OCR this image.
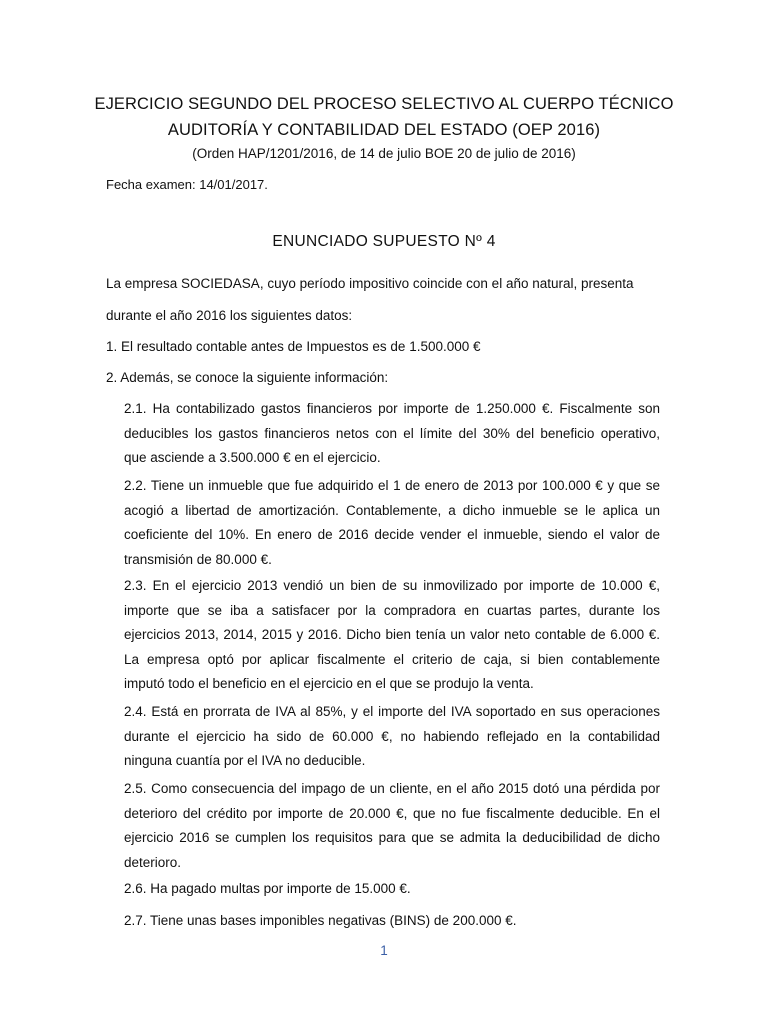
EJERCICIO SEGUNDO DEL PROCESO SELECTIVO AL CUERPO TÉCNICO
AUDITORÍA Y CONTABILIDAD DEL ESTADO (OEP 2016)
(Orden HAP/1201/2016, de 14 de julio BOE 20 de julio de 2016)
Fecha examen: 14/01/2017.
ENUNCIADO SUPUESTO Nº 4
La empresa SOCIEDASA, cuyo período impositivo coincide con el año natural, presenta
durante el año 2016 los siguientes datos:
1. El resultado contable antes de Impuestos es de 1.500.000 €
2. Además, se conoce la siguiente información:
2.1. Ha contabilizado gastos financieros por importe de 1.250.000 €. Fiscalmente son
deducibles los gastos financieros netos con el límite del 30% del beneficio operativo,
que asciende a 3.500.000 € en el ejercicio.
2.2. Tiene un inmueble que fue adquirido el 1 de enero de 2013 por 100.000 € y que se
acogió a libertad de amortización. Contablemente, a dicho inmueble se le aplica un
coeficiente del 10%. En enero de 2016 decide vender el inmueble, siendo el valor de
transmisión de 80.000 €.
2.3. En el ejercicio 2013 vendió un bien de su inmovilizado por importe de 10.000 €,
importe que se iba a satisfacer por la compradora en cuartas partes, durante los
ejercicios 2013, 2014, 2015 y 2016. Dicho bien tenía un valor neto contable de 6.000 €.
La empresa optó por aplicar fiscalmente el criterio de caja, si bien contablemente
imputó todo el beneficio en el ejercicio en el que se produjo la venta.
2.4. Está en prorrata de IVA al 85%, y el importe del IVA soportado en sus operaciones
durante el ejercicio ha sido de 60.000 €, no habiendo reflejado en la contabilidad
ninguna cuantía por el IVA no deducible.
2.5. Como consecuencia del impago de un cliente, en el año 2015 dotó una pérdida por
deterioro del crédito por importe de 20.000 €, que no fue fiscalmente deducible. En el
ejercicio 2016 se cumplen los requisitos para que se admita la deducibilidad de dicho
deterioro.
2.6. Ha pagado multas por importe de 15.000 €.
2.7. Tiene unas bases imponibles negativas (BINS) de 200.000 €.
1
